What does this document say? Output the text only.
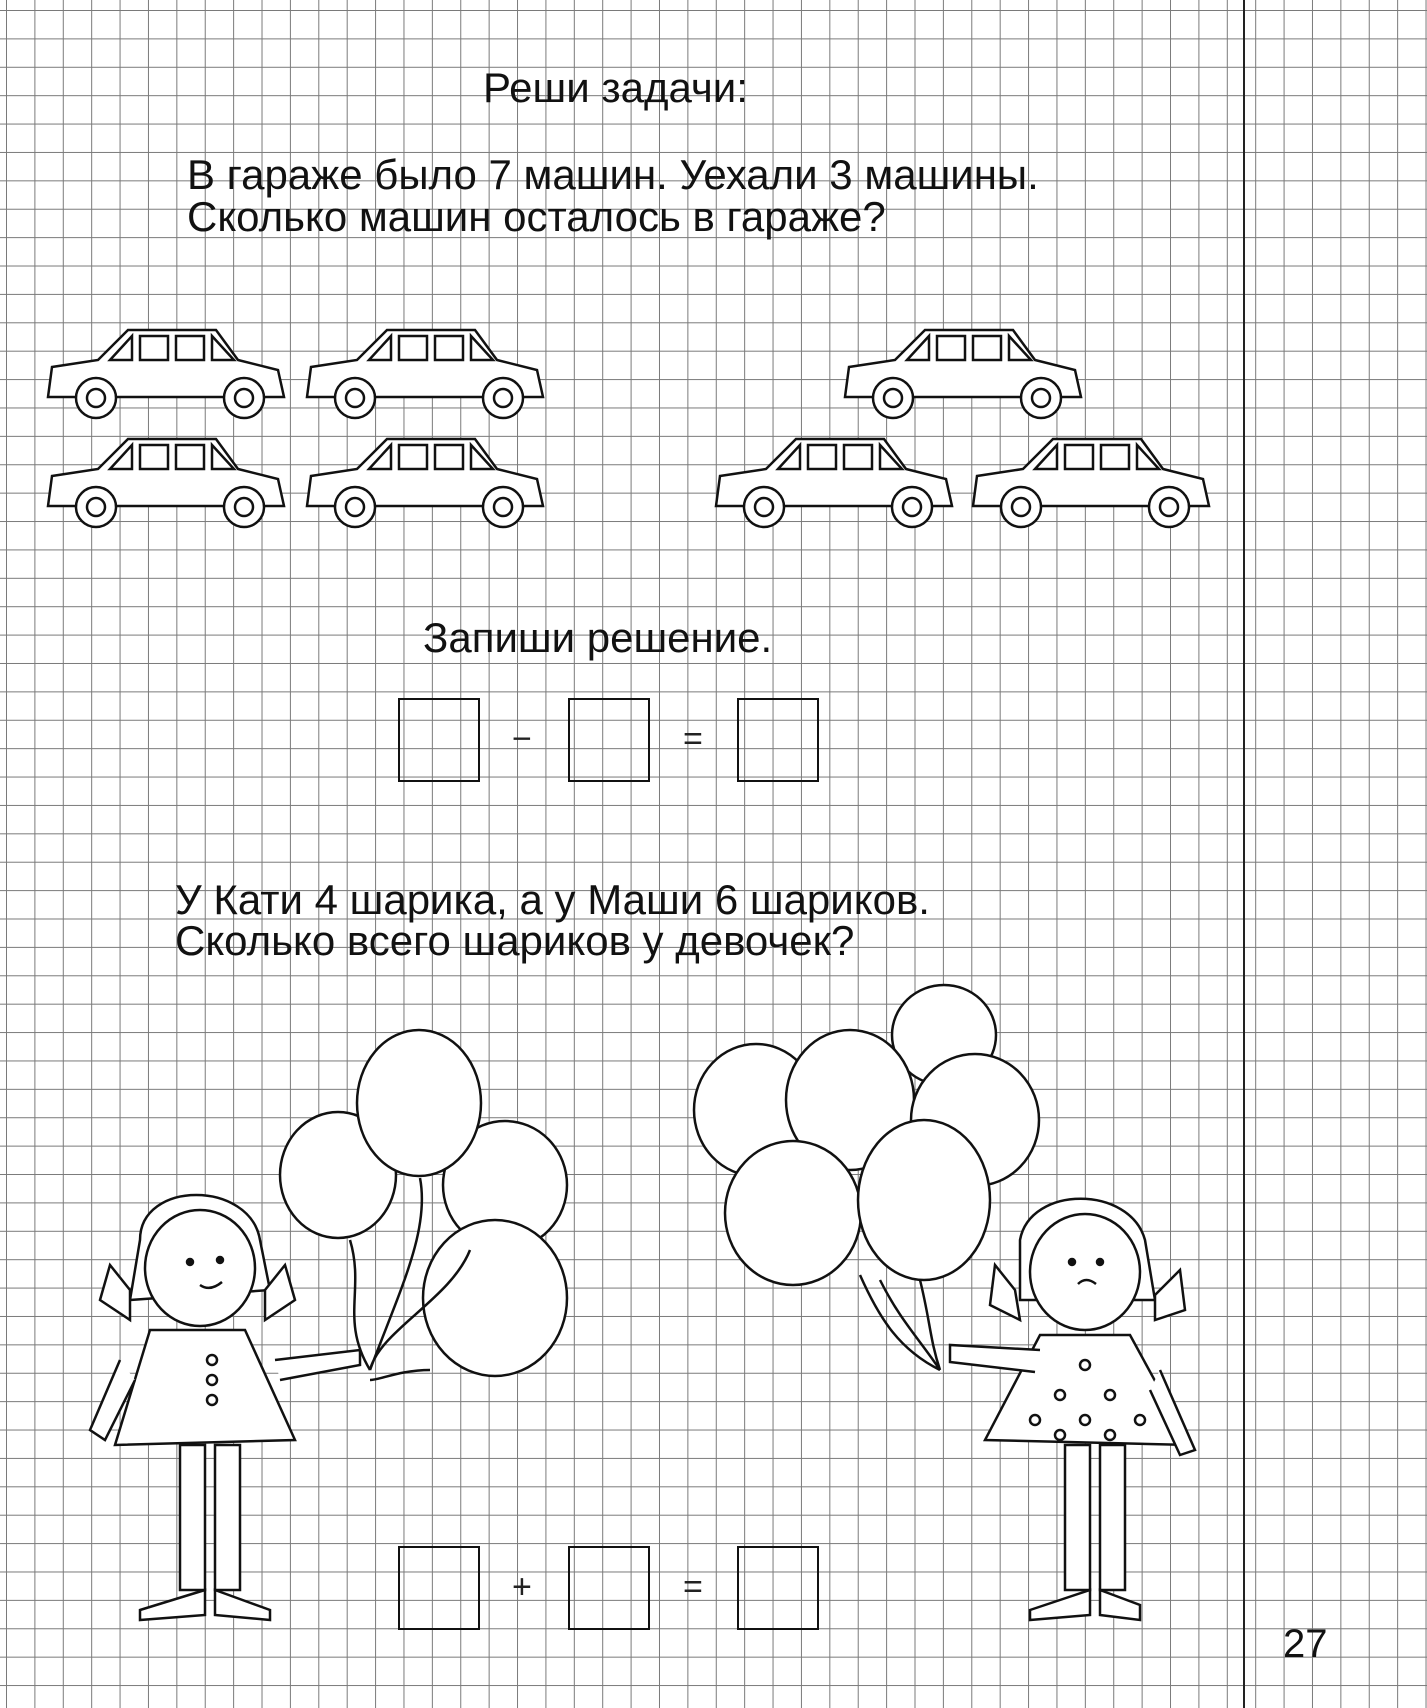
Реши задачи:
В гараже было 7 машин. Уехали 3 машины.
Сколько машин осталось в гараже?
Запиши решение.
−	=
У Кати 4 шарика, а у Маши 6 шариков.
Сколько всего шариков у девочек?
+	=
27
